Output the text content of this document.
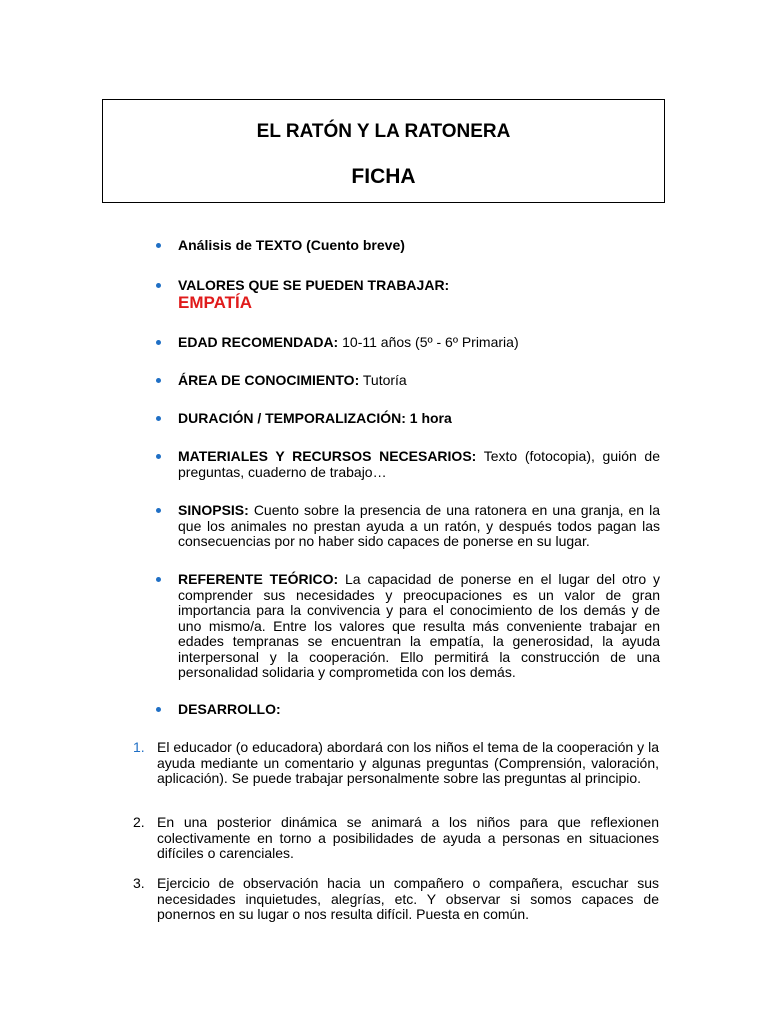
EL RATÓN Y LA RATONERA
FICHA
Análisis de TEXTO (Cuento breve)
VALORES QUE SE PUEDEN TRABAJAR:
EMPATÍA
EDAD RECOMENDADA: 10-11 años (5º - 6º Primaria)
ÁREA DE CONOCIMIENTO: Tutoría
DURACIÓN / TEMPORALIZACIÓN: 1 hora
MATERIALES Y RECURSOS NECESARIOS: Texto (fotocopia), guión de preguntas, cuaderno de trabajo…
SINOPSIS: Cuento sobre la presencia de una ratonera en una granja, en la que los animales no prestan ayuda a un ratón, y después todos pagan las consecuencias por no haber sido capaces de ponerse en su lugar.
REFERENTE TEÓRICO: La capacidad de ponerse en el lugar del otro y comprender sus necesidades y preocupaciones es un valor de gran importancia para la convivencia y para el conocimiento de los demás y de uno mismo/a. Entre los valores que resulta más conveniente trabajar en edades tempranas se encuentran la empatía, la generosidad, la ayuda interpersonal y la cooperación. Ello permitirá la construcción de una personalidad solidaria y comprometida con los demás.
DESARROLLO:
1. El educador (o educadora) abordará con los niños el tema de la cooperación y la ayuda mediante un comentario y algunas preguntas (Comprensión, valoración, aplicación). Se puede trabajar personalmente sobre las preguntas al principio.
2. En una posterior dinámica se animará a los niños para que reflexionen colectivamente en torno a posibilidades de ayuda a personas en situaciones difíciles o carenciales.
3. Ejercicio de observación hacia un compañero o compañera, escuchar sus necesidades inquietudes, alegrías, etc. Y observar si somos capaces de ponernos en su lugar o nos resulta difícil. Puesta en común.
